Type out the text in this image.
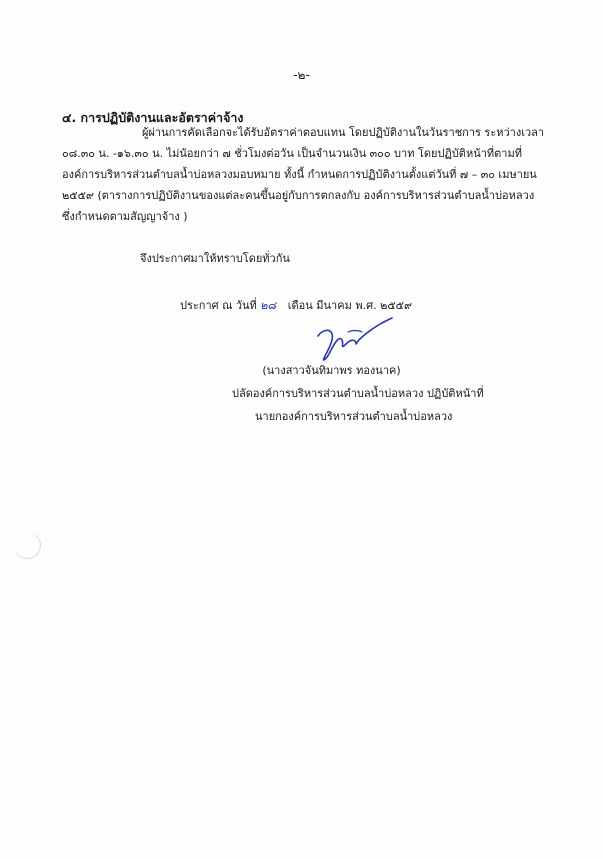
-๒-
๔. การปฏิบัติงานและอัตราค่าจ้าง
ผู้ผ่านการคัดเลือกจะได้รับอัตราค่าตอบแทน โดยปฏิบัติงานในวันราชการ ระหว่างเวลา
๐๘.๓๐ น. -๑๖.๓๐ น. ไม่น้อยกว่า ๗ ชั่วโมงต่อวัน เป็นจำนวนเงิน ๓๐๐ บาท โดยปฏิบัติหน้าที่ตามที่
องค์การบริหารส่วนตำบลน้ำบ่อหลวงมอบหมาย ทั้งนี้ กำหนดการปฏิบัติงานตั้งแต่วันที่ ๗ – ๓๐ เมษายน
๒๕๕๙ (ตารางการปฏิบัติงานของแต่ละคนขึ้นอยู่กับการตกลงกับ องค์การบริหารส่วนตำบลน้ำบ่อหลวง
ซึ่งกำหนดตามสัญญาจ้าง )
จึงประกาศมาให้ทราบโดยทั่วกัน
ประกาศ ณ วันที่ ๒๘ เดือน มีนาคม พ.ศ. ๒๕๕๙
(นางสาวจันทิมาพร ทองนาค)
ปลัดองค์การบริหารส่วนตำบลน้ำบ่อหลวง ปฏิบัติหน้าที่
นายกองค์การบริหารส่วนตำบลน้ำบ่อหลวง
